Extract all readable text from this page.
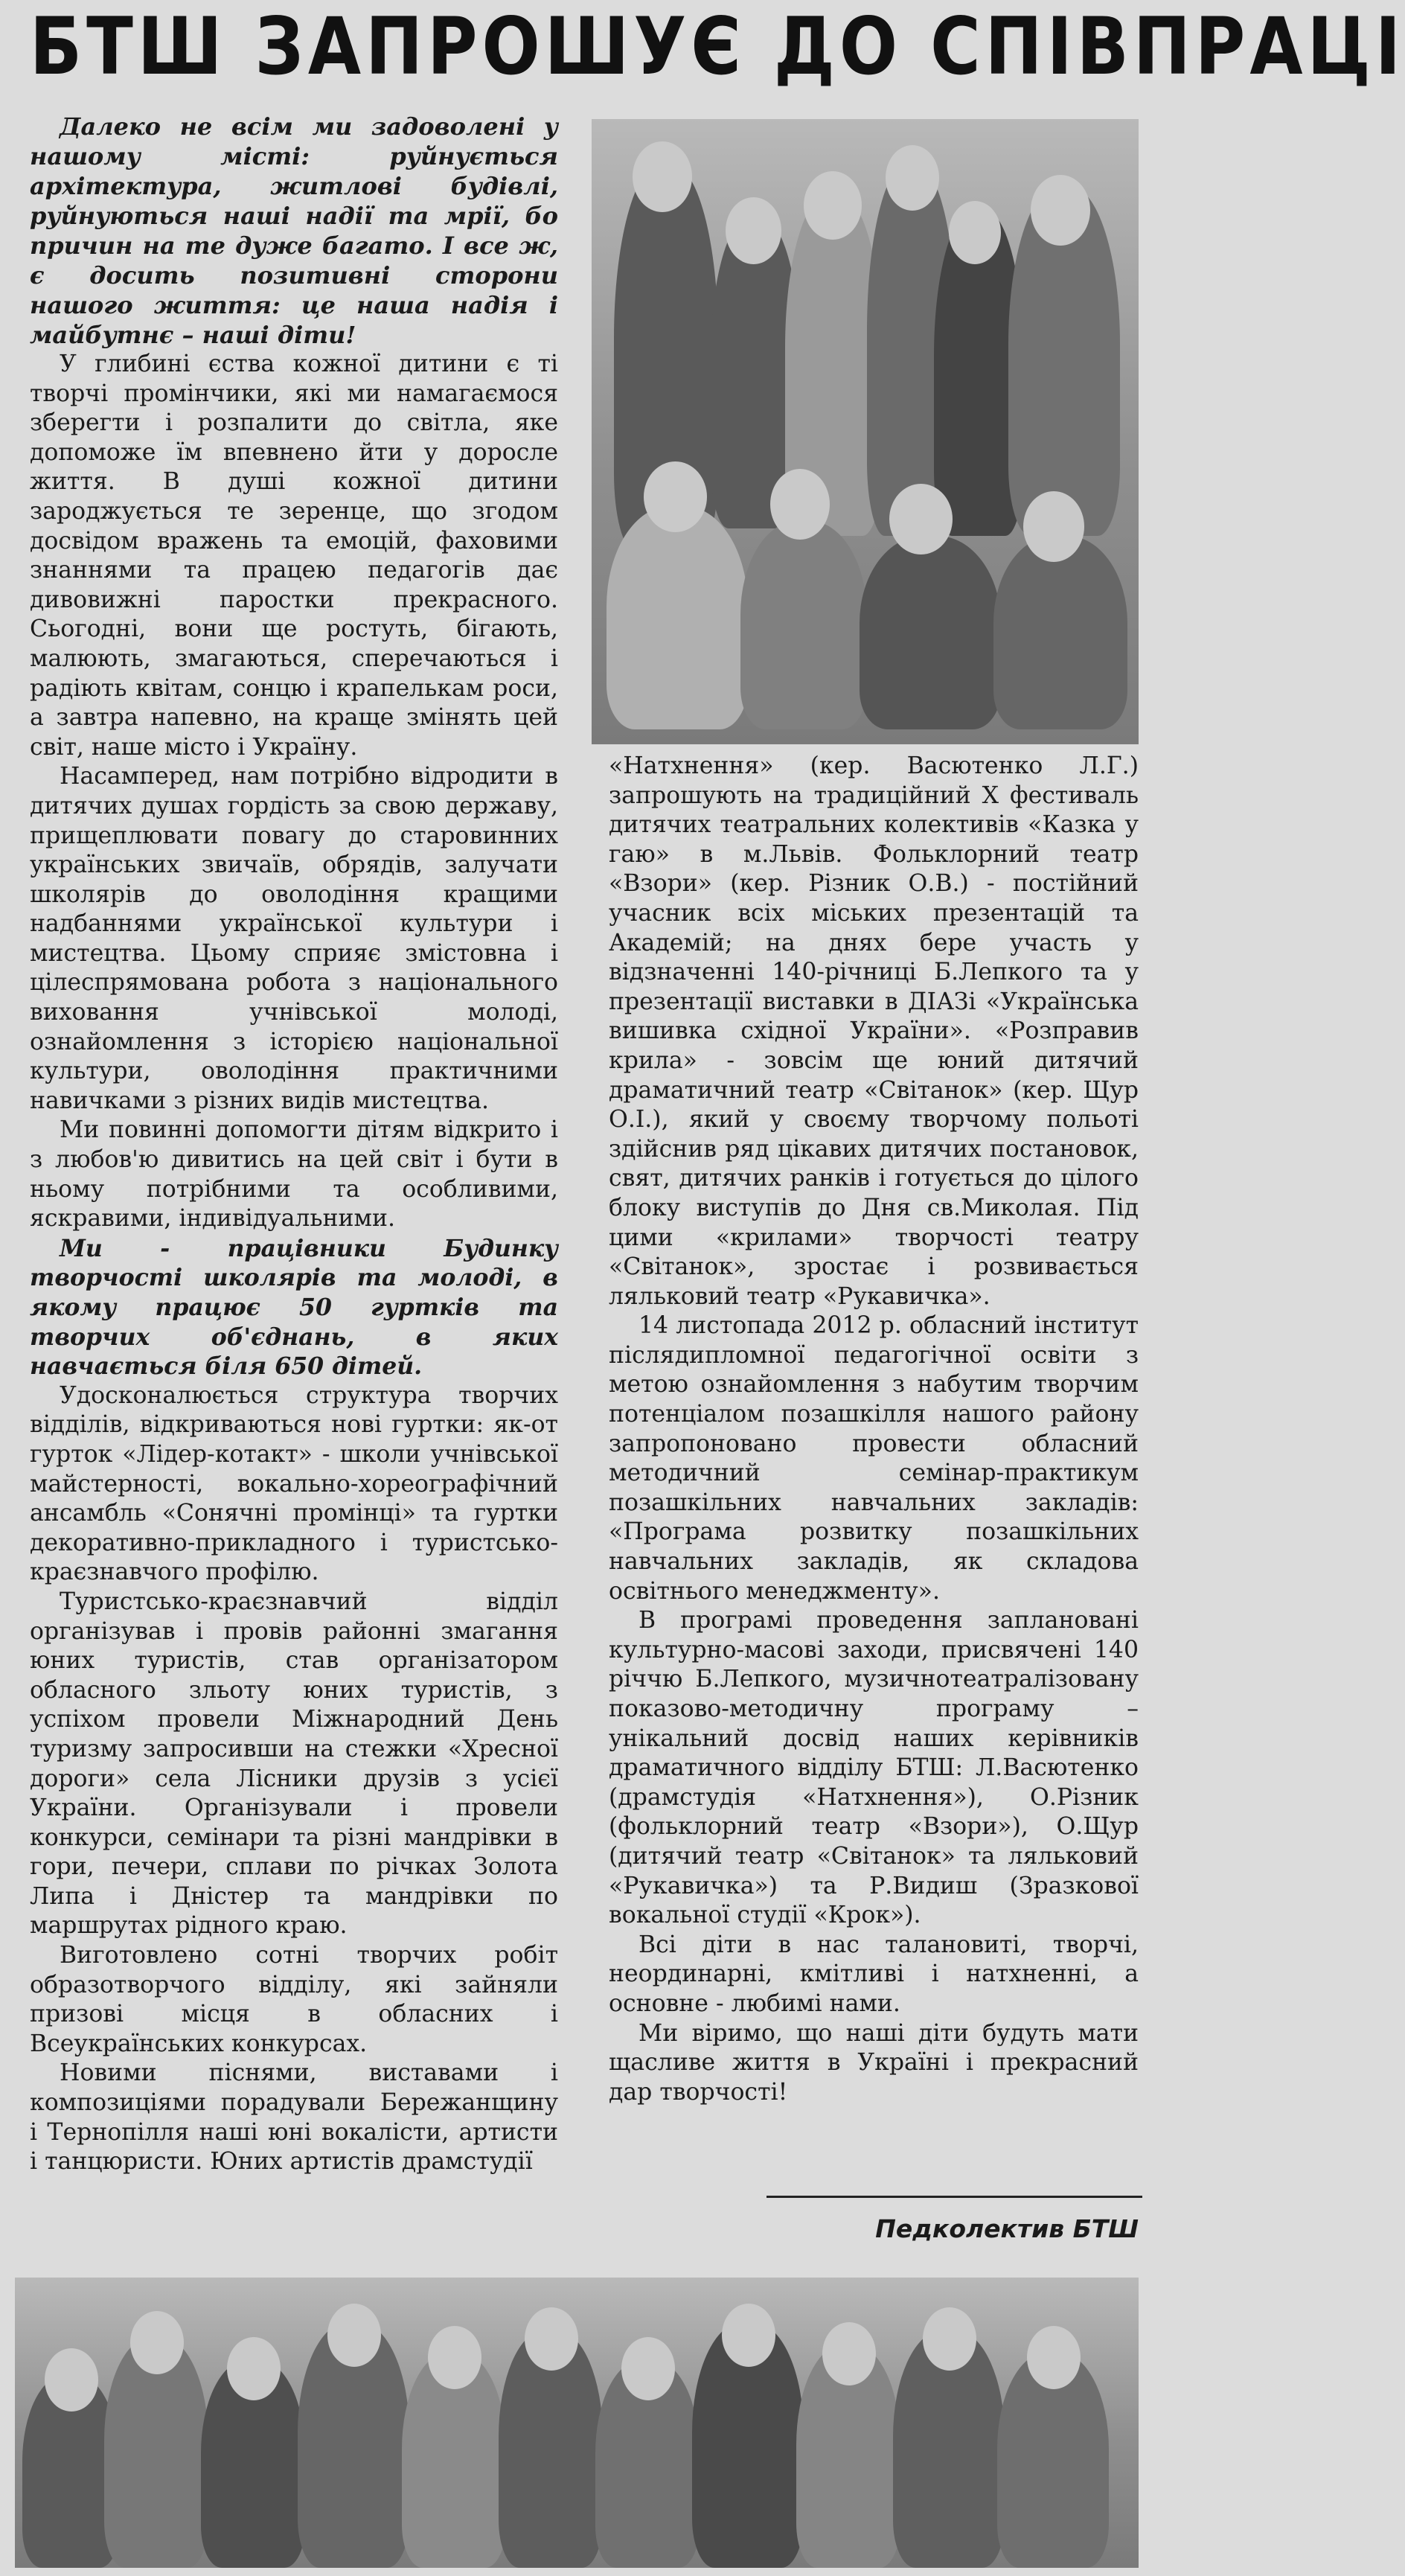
БТШ ЗАПРОШУЄ ДО СПІВПРАЦІ

Далеко не всім ми задоволені у нашому місті: руйнується архітектура, житлові будівлі, руйнуються наші надії та мрії, бо причин на те дуже багато. І все ж, є досить позитивні сторони нашого життя: це наша надія і майбутнє – наші діти!

У глибині єства кожної дитини є ті творчі промінчики, які ми намагаємося зберегти і розпалити до світла, яке допоможе їм впевнено йти у доросле життя. В душі кожної дитини зароджується те зеренце, що згодом досвідом вражень та емоцій, фаховими знаннями та працею педагогів дає дивовижні паростки прекрасного. Сьогодні, вони ще ростуть, бігають, малюють, змагаються, сперечаються і радіють квітам, сонцю і крапелькам роси, а завтра напевно, на краще змінять цей світ, наше місто і Україну.

Насамперед, нам потрібно відродити в дитячих душах гордість за свою державу, прищеплювати повагу до старовинних українських звичаїв, обрядів, залучати школярів до оволодіння кращими надбаннями української культури і мистецтва. Цьому сприяє змістовна і цілеспрямована робота з національного виховання учнівської молоді, ознайомлення з історією національної культури, оволодіння практичними навичками з різних видів мистецтва.

Ми повинні допомогти дітям відкрито і з любов'ю дивитись на цей світ і бути в ньому потрібними та особливими, яскравими, індивідуальними.

Ми - працівники Будинку творчості школярів та молоді, в якому працює 50 гуртків та творчих об'єднань, в яких навчається біля 650 дітей.

Удосконалюється структура творчих відділів, відкриваються нові гуртки: як-от гурток «Лідер-котакт» - школи учнівської майстерності, вокально-хореографічний ансамбль «Сонячні промінці» та гуртки декоративно-прикладного і туристсько-краєзнавчого профілю.

Туристсько-краєзнавчий відділ організував і провів районні змагання юних туристів, став організатором обласного зльоту юних туристів, з успіхом провели Міжнародний День туризму запросивши на стежки «Хресної дороги» села Лісники друзів з усієї України. Організували і провели конкурси, семінари та різні мандрівки в гори, печери, сплави по річках Золота Липа і Дністер та мандрівки по маршрутах рідного краю.

Виготовлено сотні творчих робіт образотворчого відділу, які зайняли призові місця в обласних і Всеукраїнських конкурсах.

Новими піснями, виставами і композиціями порадували Бережанщину і Тернопілля наші юні вокалісти, артисти і танцюристи. Юних артистів драмстудії

«Натхнення» (кер. Васютенко Л.Г.) запрошують на традиційний Х фестиваль дитячих театральних колективів «Казка у гаю» в м.Львів. Фольклорний театр «Взори» (кер. Різник О.В.) - постійний учасник всіх міських презентацій та Академій; на днях бере участь у відзначенні 140-річниці Б.Лепкого та у презентації виставки в ДІАЗі «Українська вишивка східної України». «Розправив крила» - зовсім ще юний дитячий драматичний театр «Світанок» (кер. Щур О.І.), який у своєму творчому польоті здійснив ряд цікавих дитячих постановок, свят, дитячих ранків і готується до цілого блоку виступів до Дня св.Миколая. Під цими «крилами» творчості театру «Світанок», зростає і розвивається ляльковий театр «Рукавичка».

14 листопада 2012 р. обласний інститут післядипломної педагогічної освіти з метою ознайомлення з набутим творчим потенціалом позашкілля нашого району запропоновано провести обласний методичний семінар-практикум позашкільних навчальних закладів: «Програма розвитку позашкільних навчальних закладів, як складова освітнього менеджменту».

В програмі проведення заплановані культурно-масові заходи, присвячені 140 річчю Б.Лепкого, музичнотеатралізовану показово-методичну програму – унікальний досвід наших керівників драматичного відділу БТШ: Л.Васютенко (драмстудія «Натхнення»), О.Різник (фольклорний театр «Взори»), О.Щур (дитячий театр «Світанок» та ляльковий «Рукавичка») та Р.Видиш (Зразкової вокальної студії «Крок»).

Всі діти в нас талановиті, творчі, неординарні, кмітливі і натхненні, а основне - любимі нами.

Ми віримо, що наші діти будуть мати щасливе життя в Україні і прекрасний дар творчості!

Педколектив БТШ
